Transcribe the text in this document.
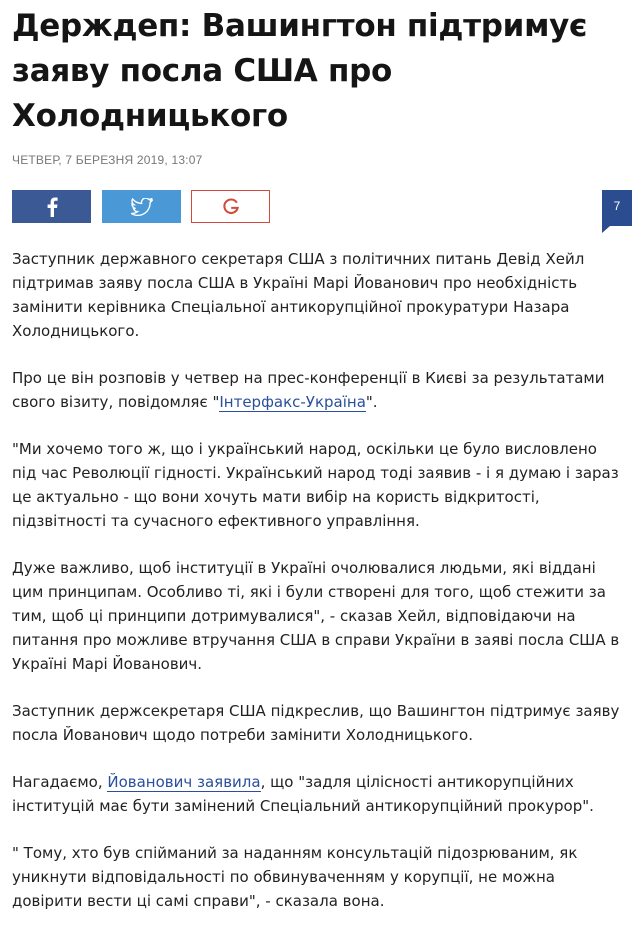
Держдеп: Вашингтон підтримує заяву посла США про Холодницького
ЧЕТВЕР, 7 БЕРЕЗНЯ 2019, 13:07
7

Заступник державного секретаря США з політичних питань Девід Хейл підтримав заяву посла США в Україні Марі Йованович про необхідність замінити керівника Спеціальної антикорупційної прокуратури Назара Холодницького.

Про це він розповів у четвер на прес-конференції в Києві за результатами свого візиту, повідомляє "Інтерфакс-Україна".

"Ми хочемо того ж, що і український народ, оскільки це було висловлено під час Революції гідності. Український народ тоді заявив - і я думаю і зараз це актуально - що вони хочуть мати вибір на користь відкритості, підзвітності та сучасного ефективного управління.

Дуже важливо, щоб інституції в Україні очолювалися людьми, які віддані цим принципам. Особливо ті, які і були створені для того, щоб стежити за тим, щоб ці принципи дотримувалися", - сказав Хейл, відповідаючи на питання про можливе втручання США в справи України в заяві посла США в Україні Марі Йованович.

Заступник держсекретаря США підкреслив, що Вашингтон підтримує заяву посла Йованович щодо потреби замінити Холодницького.

Нагадаємо, Йованович заявила, що "задля цілісності антикорупційних інституцій має бути замінений Спеціальний антикорупційний прокурор".

" Тому, хто був спійманий за наданням консультацій підозрюваним, як уникнути відповідальності по обвинуваченням у корупції, не можна довірити вести ці самі справи", - сказала вона.
